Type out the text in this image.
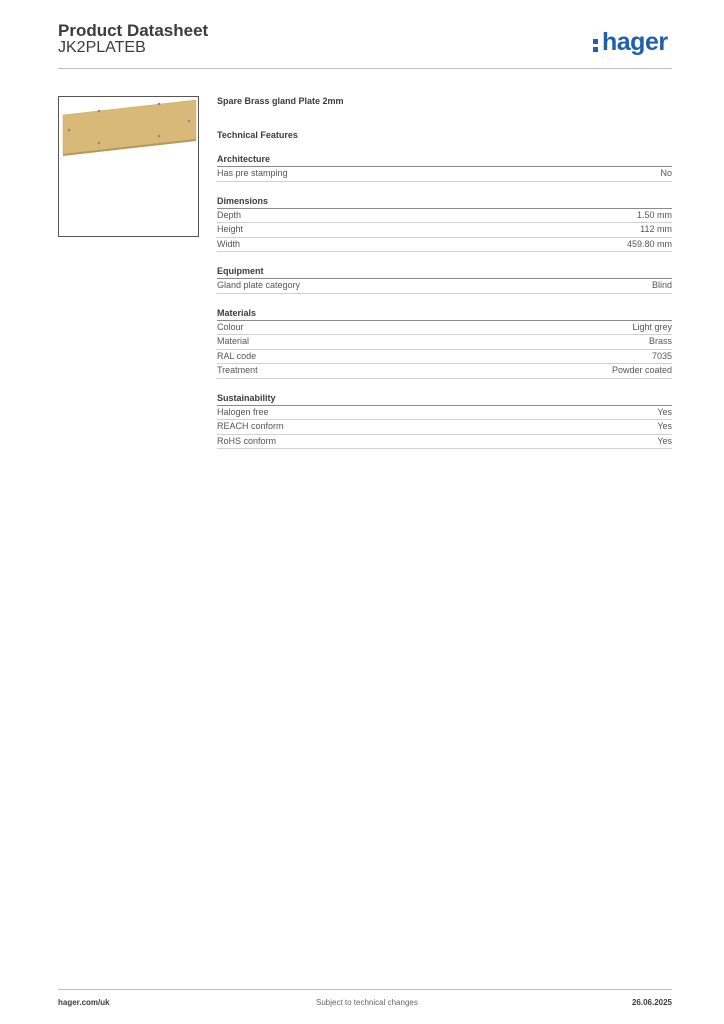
Product Datasheet
JK2PLATEB	hager
Spare Brass gland Plate 2mm
Technical Features
Architecture
Has pre stamping	No
Dimensions
Depth	1.50 mm
Height	112 mm
Width	459.80 mm
Equipment
Gland plate category	Blind
Materials
Colour	Light grey
Material	Brass
RAL code	7035
Treatment	Powder coated
Sustainability
Halogen free	Yes
REACH conform	Yes
RoHS conform	Yes
hager.com/uk	Subject to technical changes	26.06.2025
